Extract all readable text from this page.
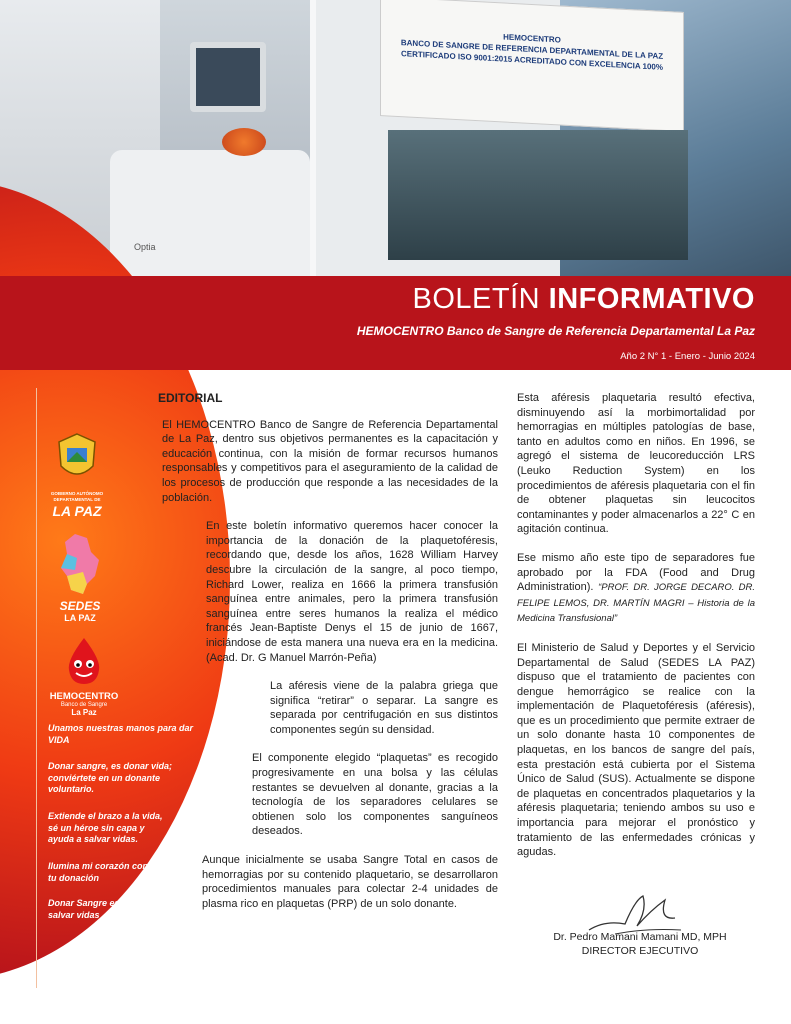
HEMOCENTRO
BANCO DE SANGRE DE REFERENCIA DEPARTAMENTAL DE LA PAZ
CERTIFICADO ISO 9001:2015 ACREDITADO CON EXCELENCIA 100%
Optia
BOLETÍN INFORMATIVO
HEMOCENTRO Banco de Sangre de Referencia Departamental La Paz
Año 2 N° 1 - Enero - Junio 2024
GOBIERNO AUTÓNOMO
DEPARTAMENTAL DE
LA PAZ
SEDES
LA PAZ
HEMOCENTRO
Banco de Sangre
La Paz
Unamos nuestras manos para dar VIDA
Donar sangre, es donar vida; conviértete en un donante voluntario.
Extiende el brazo a la vida, sé un héroe sin capa y ayuda a salvar vidas.
Ilumina mi corazón con tu donación
Donar Sangre es salvar vidas

EDITORIAL

El HEMOCENTRO Banco de Sangre de Referencia Departamental de La Paz, dentro sus objetivos permanentes es la capacitación y educación continua, con la misión de formar recursos humanos responsables y competitivos para el aseguramiento de la calidad de los procesos de producción que responde a las necesidades de la población.

En este boletín informativo queremos hacer conocer la importancia de la donación de la plaquetoféresis, recordando que, desde los años, 1628 William Harvey descubre la circulación de la sangre, al poco tiempo, Richard Lower, realiza en 1666 la primera transfusión sanguínea entre animales, pero la primera transfusión sanguínea entre seres humanos la realiza el médico francés Jean-Baptiste Denys el 15 de junio de 1667, iniciándose de esta manera una nueva era en la medicina. (Acad. Dr. G Manuel Marrón-Peña)

La aféresis viene de la palabra griega que significa “retirar” o separar. La sangre es separada por centrifugación en sus distintos componentes según su densidad.

El componente elegido “plaquetas” es recogido progresivamente en una bolsa y las células restantes se devuelven al donante, gracias a la tecnología de los separadores celulares se obtienen solo los componentes sanguíneos deseados.

Aunque inicialmente se usaba Sangre Total en casos de hemorragias por su contenido plaquetario, se desarrollaron procedimientos manuales para colectar 2-4 unidades de plasma rico en plaquetas (PRP) de un solo donante.

Esta aféresis plaquetaria resultó efectiva, disminuyendo así la morbimortalidad por hemorragias en múltiples patologías de base, tanto en adultos como en niños. En 1996, se agregó el sistema de leucoreducción LRS (Leuko Reduction System) en los procedimientos de aféresis plaquetaria con el fin de obtener plaquetas sin leucocitos contaminantes y poder almacenarlos a 22° C en agitación continua.

Ese mismo año este tipo de separadores fue aprobado por la FDA (Food and Drug Administration). “PROF. DR. JORGE DECARO. DR. FELIPE LEMOS, DR. MARTÍN MAGRI – Historia de la Medicina Transfusional”

El Ministerio de Salud y Deportes y el Servicio Departamental de Salud (SEDES LA PAZ) dispuso que el tratamiento de pacientes con dengue hemorrágico se realice con la implementación de Plaquetoféresis (aféresis), que es un procedimiento que permite extraer de un solo donante hasta 10 componentes de plaquetas, en los bancos de sangre del país, esta prestación está cubierta por el Sistema Único de Salud (SUS). Actualmente se dispone de plaquetas en concentrados plaquetarios y la aféresis plaquetaria; teniendo ambos su uso e importancia para mejorar el pronóstico y tratamiento de las enfermedades crónicas y agudas.

Dr. Pedro Mamani Mamani MD, MPH
DIRECTOR EJECUTIVO
